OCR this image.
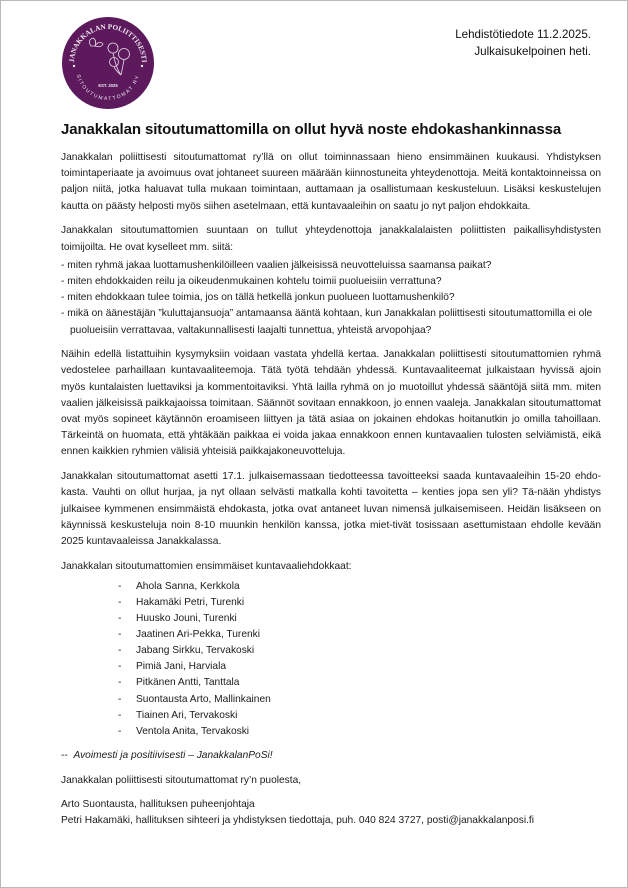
JANAKKALAN POLIITTISESTI
SITOUTUMATTOMAT RY
EST. 2025
Lehdistötiedote 11.2.2025.
Julkaisukelpoinen heti.
Janakkalan sitoutumattomilla on ollut hyvä noste ehdokashankinnassa

Janakkalan poliittisesti sitoutumattomat ry’llä on ollut toiminnassaan hieno ensimmäinen kuukausi. Yhdistyksen toimintaperiaate ja avoimuus ovat johtaneet suureen määrään kiinnostuneita yhteydenottoja. Meitä kontaktoinneissa on paljon niitä, jotka haluavat tulla mukaan toimintaan, auttamaan ja osallistumaan keskusteluun. Lisäksi keskustelujen kautta on päästy helposti myös siihen asetelmaan, että kuntavaaleihin on saatu jo nyt paljon ehdokkaita.

Janakkalan sitoutumattomien suuntaan on tullut yhteydenottoja janakkalalaisten poliittisten paikallisyhdistysten toimijoilta. He ovat kyselleet mm. siitä:

- miten ryhmä jakaa luottamushenkilöilleen vaalien jälkeisissä neuvotteluissa saamansa paikat?

- miten ehdokkaiden reilu ja oikeudenmukainen kohtelu toimii puolueisiin verrattuna?

- miten ehdokkaan tulee toimia, jos on tällä hetkellä jonkun puolueen luottamushenkilö?

- mikä on äänestäjän ”kuluttajansuoja” antamaansa ääntä kohtaan, kun Janakkalan poliittisesti sitoutumattomilla ei ole puolueisiin verrattavaa, valtakunnallisesti laajalti tunnettua, yhteistä arvopohjaa?

Näihin edellä listattuihin kysymyksiin voidaan vastata yhdellä kertaa. Janakkalan poliittisesti sitoutumattomien ryhmä vedostelee parhaillaan kuntavaaliteemoja. Tätä työtä tehdään yhdessä. Kuntavaaliteemat julkaistaan hyvissä ajoin myös kuntalaisten luettaviksi ja kommentoitaviksi. Yhtä lailla ryhmä on jo muotoillut yhdessä sääntöjä siitä mm. miten vaalien jälkeisissä paikkajaoissa toimitaan. Säännöt sovitaan ennakkoon, jo ennen vaaleja. Janakkalan sitoutumattomat ovat myös sopineet käytännön eroamiseen liittyen ja tätä asiaa on jokainen ehdokas hoitanutkin jo omilla tahoillaan. Tärkeintä on huomata, että yhtäkään paikkaa ei voida jakaa ennakkoon ennen kuntavaalien tulosten selviämistä, eikä ennen kaikkien ryhmien välisiä yhteisiä paikkajakoneuvotteluja.

Janakkalan sitoutumattomat asetti 17.1. julkaisemassaan tiedotteessa tavoitteeksi saada kuntavaaleihin 15-20 ehdo-kasta. Vauhti on ollut hurjaa, ja nyt ollaan selvästi matkalla kohti tavoitetta – kenties jopa sen yli? Tä-nään yhdistys julkaisee kymmenen ensimmäistä ehdokasta, jotka ovat antaneet luvan nimensä julkaisemiseen. Heidän lisäkseen on käynnissä keskusteluja noin 8-10 muunkin henkilön kanssa, jotka miet-tivät tosissaan asettumistaan ehdolle kevään 2025 kuntavaaleissa Janakkalassa.

Janakkalan sitoutumattomien ensimmäiset kuntavaaliehdokkaat:

- Ahola Sanna, Kerkkola
- Hakamäki Petri, Turenki
- Huusko Jouni, Turenki
- Jaatinen Ari-Pekka, Turenki
- Jabang Sirkku, Tervakoski
- Pimiä Jani, Harviala
- Pitkänen Antti, Tanttala
- Suontausta Arto, Mallinkainen
- Tiainen Ari, Tervakoski
- Ventola Anita, Tervakoski

-- Avoimesti ja positiivisesti – JanakkalanPoSi!

Janakkalan poliittisesti sitoutumattomat ry’n puolesta,

Arto Suontausta, hallituksen puheenjohtaja

Petri Hakamäki, hallituksen sihteeri ja yhdistyksen tiedottaja, puh. 040 824 3727, posti@janakkalanposi.fi
